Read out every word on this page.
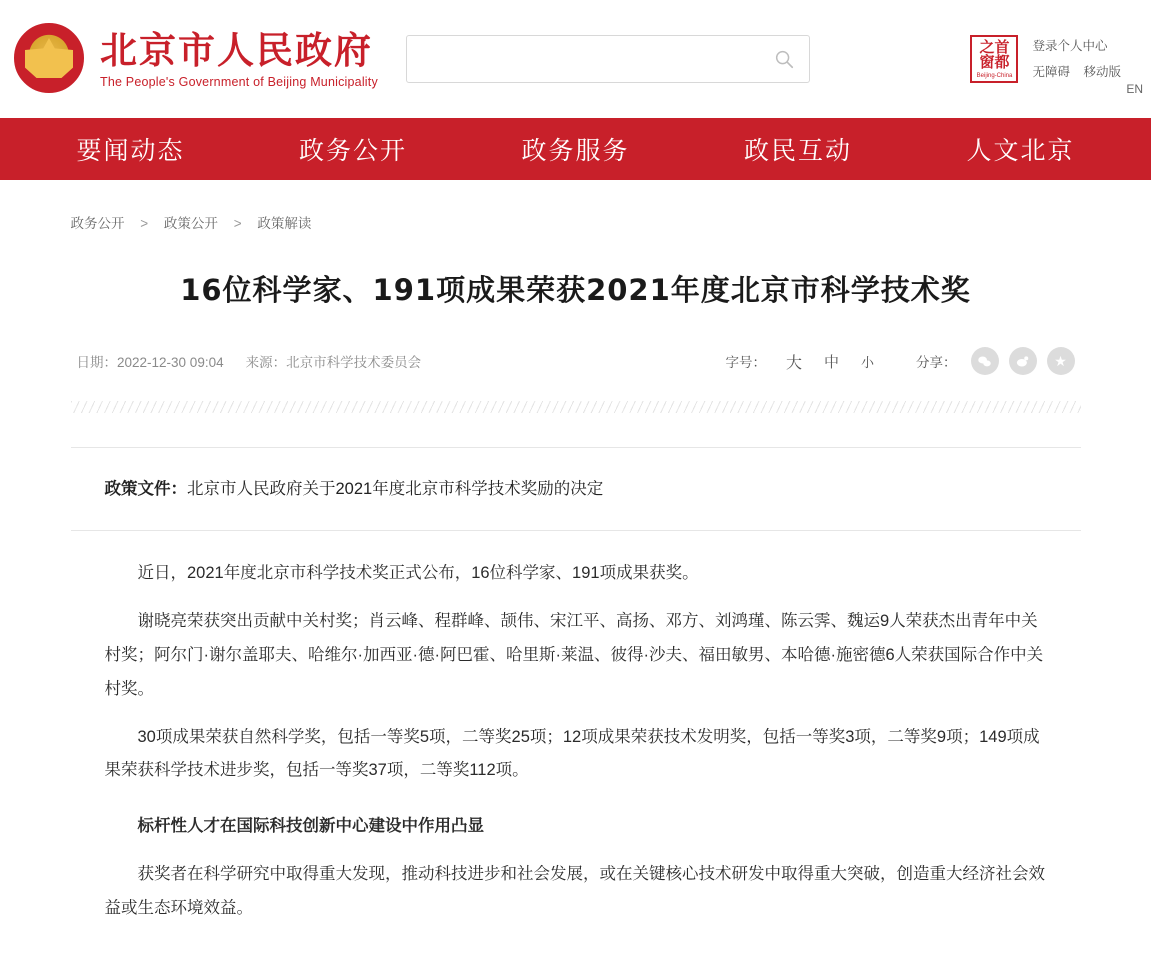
北京市人民政府
The People's Government of Beijing Municipality
之首
窗都
Beijing-China
登录个人中心
无障碍 移动版
EN
要闻动态	政务公开	政务服务	政民互动	人文北京
政务公开 > 政策公开 > 政策解读
16位科学家、191项成果荣获2021年度北京市科学技术奖
日期：2022-12-30 09:04 来源：北京市科学技术委员会	字号：	大	中	小	分享：	★
政策文件：北京市人民政府关于2021年度北京市科学技术奖励的决定

近日，2021年度北京市科学技术奖正式公布，16位科学家、191项成果获奖。

谢晓亮荣获突出贡献中关村奖；肖云峰、程群峰、颉伟、宋江平、高扬、邓方、刘鸿瑾、陈云霁、魏运9人荣获杰出青年中关村奖；阿尔门·谢尔盖耶夫、哈维尔·加西亚·德·阿巴霍、哈里斯·莱温、彼得·沙夫、福田敏男、本哈德·施密德6人荣获国际合作中关村奖。

30项成果荣获自然科学奖，包括一等奖5项，二等奖25项；12项成果荣获技术发明奖，包括一等奖3项，二等奖9项；149项成果荣获科学技术进步奖，包括一等奖37项，二等奖112项。

标杆性人才在国际科技创新中心建设中作用凸显

获奖者在科学研究中取得重大发现，推动科技进步和社会发展，或在关键核心技术研发中取得重大突破，创造重大经济社会效益或生态环境效益。
